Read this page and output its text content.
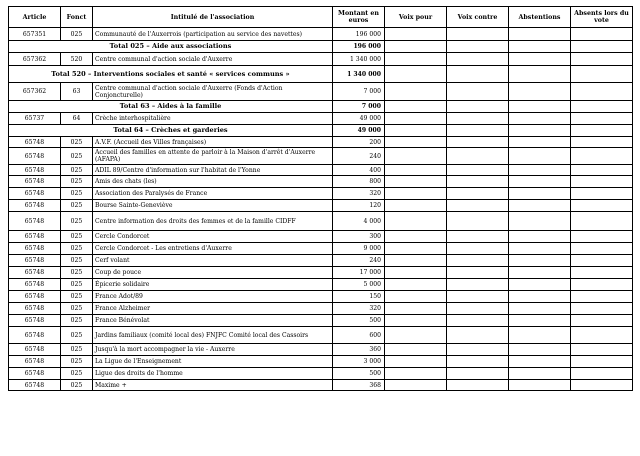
Article	Fonct	Intitulé de l'association	Montant en euros	Voix pour	Voix contre	Abstentions	Absents lors du vote
657351	025	Communauté de l'Auxerrois (participation au service des navettes)	196 000				
Total 025 – Aide aux associations			196 000				
657362	520	Centre communal d'action sociale d'Auxerre	1 340 000				
Total 520 – Interventions sociales et santé « services communs »			1 340 000				
657362	63	Centre communal d'action sociale d'Auxerre (Fonds d'Action Conjoncturelle)	7 000				
Total 63 – Aides à la famille			7 000				
65737	64	Crèche interhospitalière	49 000				
Total 64 – Crèches et garderies			49 000				
65748	025	A.V.F. (Accueil des Villes françaises)	200				
65748	025	Accueil des familles en attente de parloir à la Maison d'arrêt d'Auxerre (AFAPA)	240				
65748	025	ADIL 89/Centre d'information sur l'habitat de l'Yonne	400				
65748	025	Amis des chats (les)	800				
65748	025	Association des Paralysés de France	320				
65748	025	Bourse Sainte-Geneviève	120				
65748	025	Centre information des droits des femmes et de la famille CIDFF	4 000				
65748	025	Cercle Condorcet	300				
65748	025	Cercle Condorcet - Les entretiens d'Auxerre	9 000				
65748	025	Cerf volant	240				
65748	025	Coup de pouce	17 000				
65748	025	Épicerie solidaire	5 000				
65748	025	France Adot/89	150				
65748	025	France Alzheimer	320				
65748	025	France Bénévolat	500				
65748	025	Jardins familiaux (comité local des) FNJFC Comité local des Cassoirs	600				
65748	025	Jusqu'à la mort accompagner la vie - Auxerre	360				
65748	025	La Ligue de l'Enseignement	3 000				
65748	025	Ligue des droits de l'homme	500				
65748	025	Maxime +	368				
